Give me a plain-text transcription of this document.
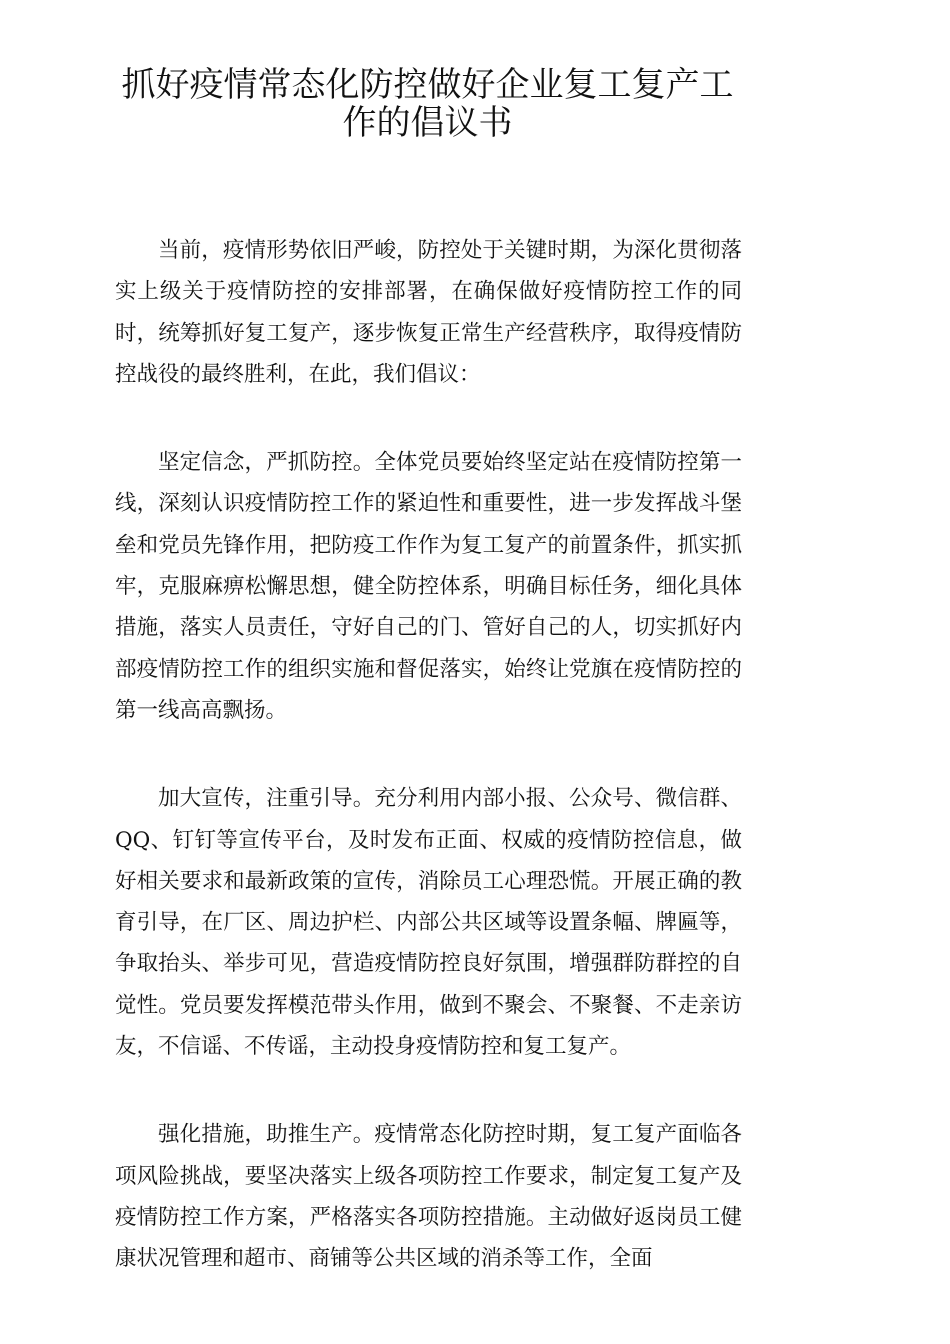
抓好疫情常态化防控做好企业复工复产工作的倡议书

当前，疫情形势依旧严峻，防控处于关键时期，为深化贯彻落实上级关于疫情防控的安排部署，在确保做好疫情防控工作的同时，统筹抓好复工复产，逐步恢复正常生产经营秩序，取得疫情防控战役的最终胜利，在此，我们倡议：

坚定信念，严抓防控。全体党员要始终坚定站在疫情防控第一线，深刻认识疫情防控工作的紧迫性和重要性，进一步发挥战斗堡垒和党员先锋作用，把防疫工作作为复工复产的前置条件，抓实抓牢，克服麻痹松懈思想，健全防控体系，明确目标任务，细化具体措施，落实人员责任，守好自己的门、管好自己的人，切实抓好内部疫情防控工作的组织实施和督促落实，始终让党旗在疫情防控的第一线高高飘扬。

加大宣传，注重引导。充分利用内部小报、公众号、微信群、QQ、钉钉等宣传平台，及时发布正面、权威的疫情防控信息，做好相关要求和最新政策的宣传，消除员工心理恐慌。开展正确的教育引导，在厂区、周边护栏、内部公共区域等设置条幅、牌匾等，争取抬头、举步可见，营造疫情防控良好氛围，增强群防群控的自觉性。党员要发挥模范带头作用，做到不聚会、不聚餐、不走亲访友，不信谣、不传谣，主动投身疫情防控和复工复产。

强化措施，助推生产。疫情常态化防控时期，复工复产面临各项风险挑战，要坚决落实上级各项防控工作要求，制定复工复产及疫情防控工作方案，严格落实各项防控措施。主动做好返岗员工健康状况管理和超市、商铺等公共区域的消杀等工作，全面
